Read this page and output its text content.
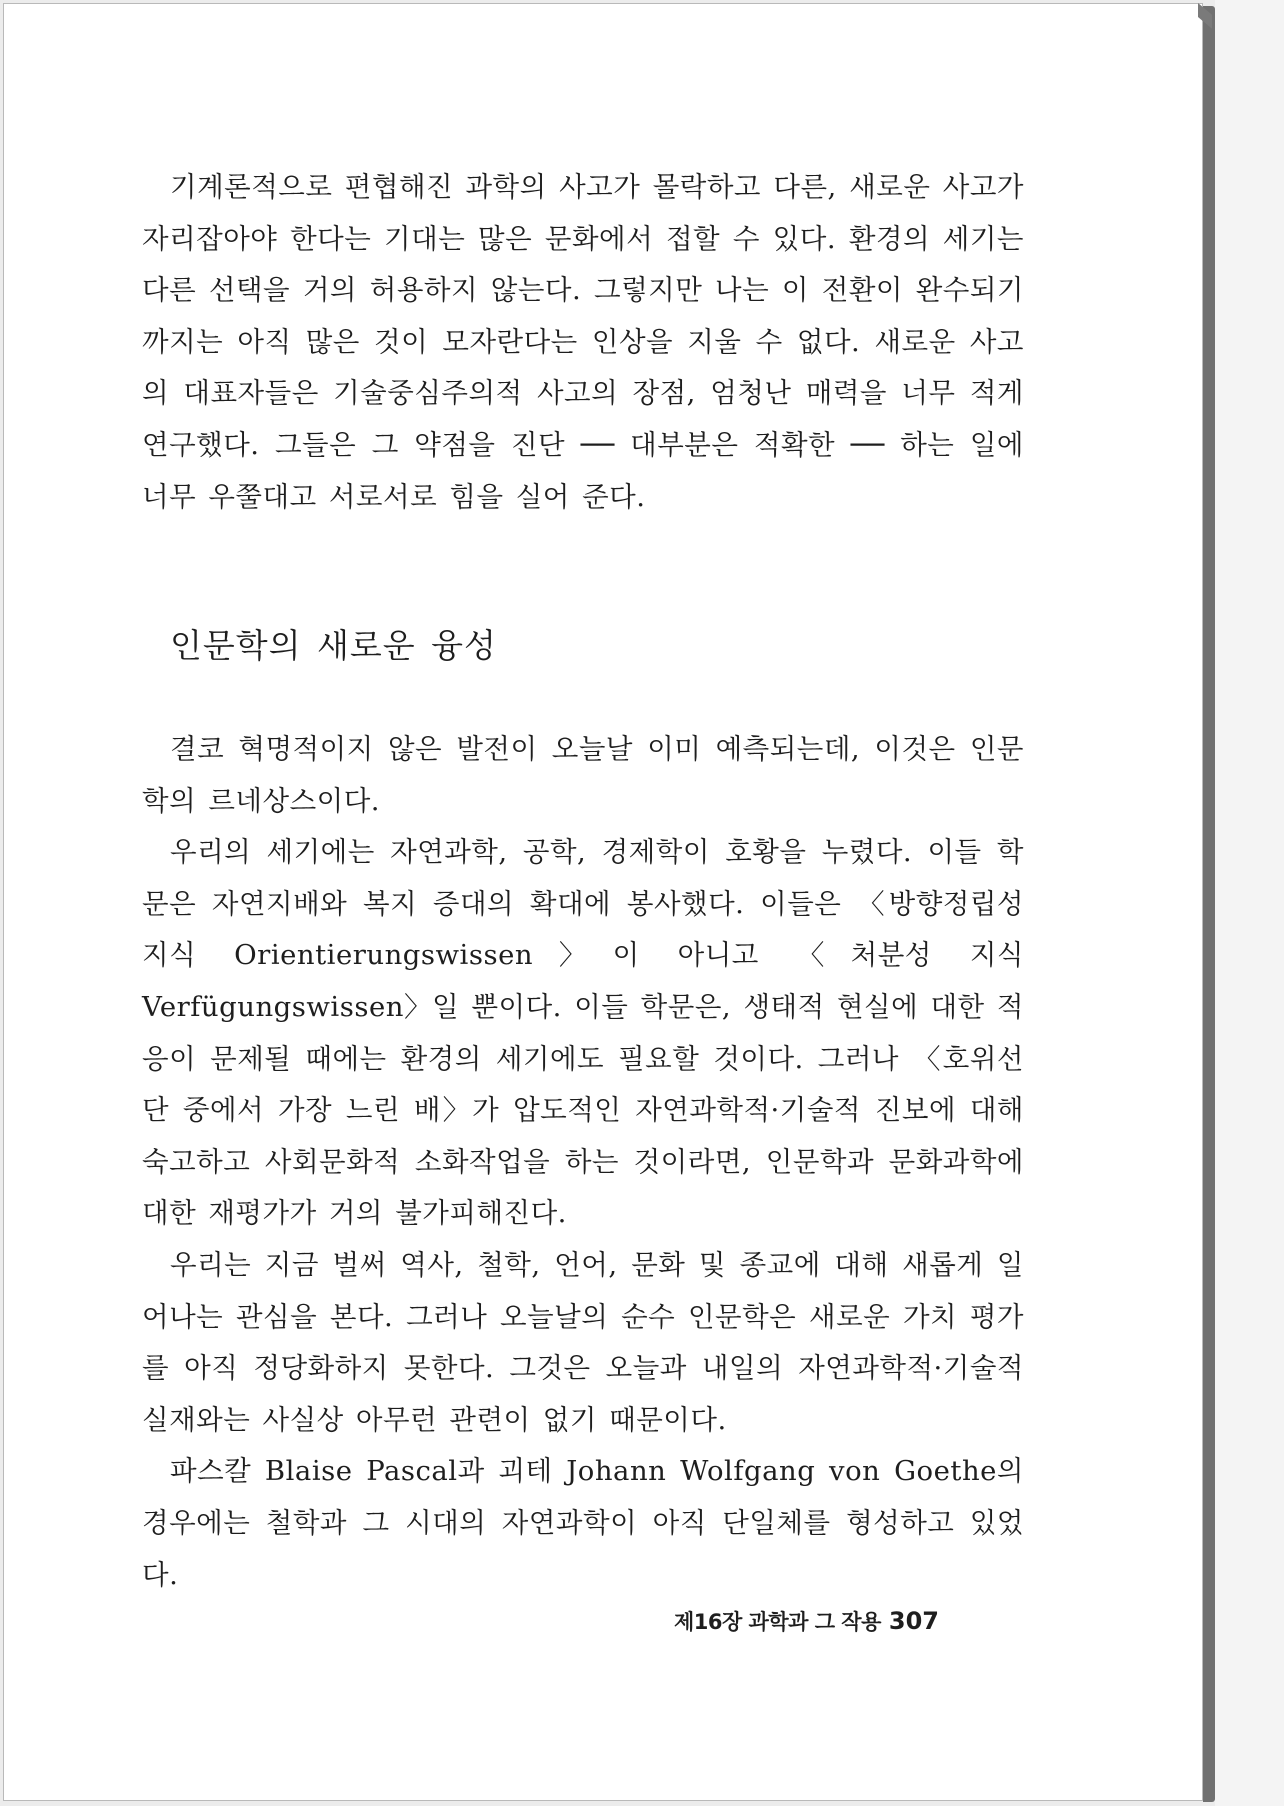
기계론적으로 편협해진 과학의 사고가 몰락하고 다른, 새로운 사고가 자리잡아야 한다는 기대는 많은 문화에서 접할 수 있다. 환경의 세기는 다른 선택을 거의 허용하지 않는다. 그렇지만 나는 이 전환이 완수되기까지는 아직 많은 것이 모자란다는 인상을 지울 수 없다. 새로운 사고의 대표자들은 기술중심주의적 사고의 장점, 엄청난 매력을 너무 적게 연구했다. 그들은 그 약점을 진단 ── 대부분은 적확한 ── 하는 일에 너무 우쭐대고 서로서로 힘을 실어 준다.

인문학의 새로운 융성
결코 혁명적이지 않은 발전이 오늘날 이미 예측되는데, 이것은 인문학의 르네상스이다.
우리의 세기에는 자연과학, 공학, 경제학이 호황을 누렸다. 이들 학문은 자연지배와 복지 증대의 확대에 봉사했다. 이들은 〈방향정립성 지식 Orientierungswissen〉이 아니고 〈처분성 지식 Verfügungswissen〉일 뿐이다. 이들 학문은, 생태적 현실에 대한 적응이 문제될 때에는 환경의 세기에도 필요할 것이다. 그러나 〈호위선단 중에서 가장 느린 배〉가 압도적인 자연과학적·기술적 진보에 대해 숙고하고 사회문화적 소화작업을 하는 것이라면, 인문학과 문화과학에 대한 재평가가 거의 불가피해진다.
우리는 지금 벌써 역사, 철학, 언어, 문화 및 종교에 대해 새롭게 일어나는 관심을 본다. 그러나 오늘날의 순수 인문학은 새로운 가치 평가를 아직 정당화하지 못한다. 그것은 오늘과 내일의 자연과학적·기술적 실재와는 사실상 아무런 관련이 없기 때문이다.
파스칼 Blaise Pascal과 괴테 Johann Wolfgang von Goethe의 경우에는 철학과 그 시대의 자연과학이 아직 단일체를 형성하고 있었다.
제16장 과학과 그 작용 307
